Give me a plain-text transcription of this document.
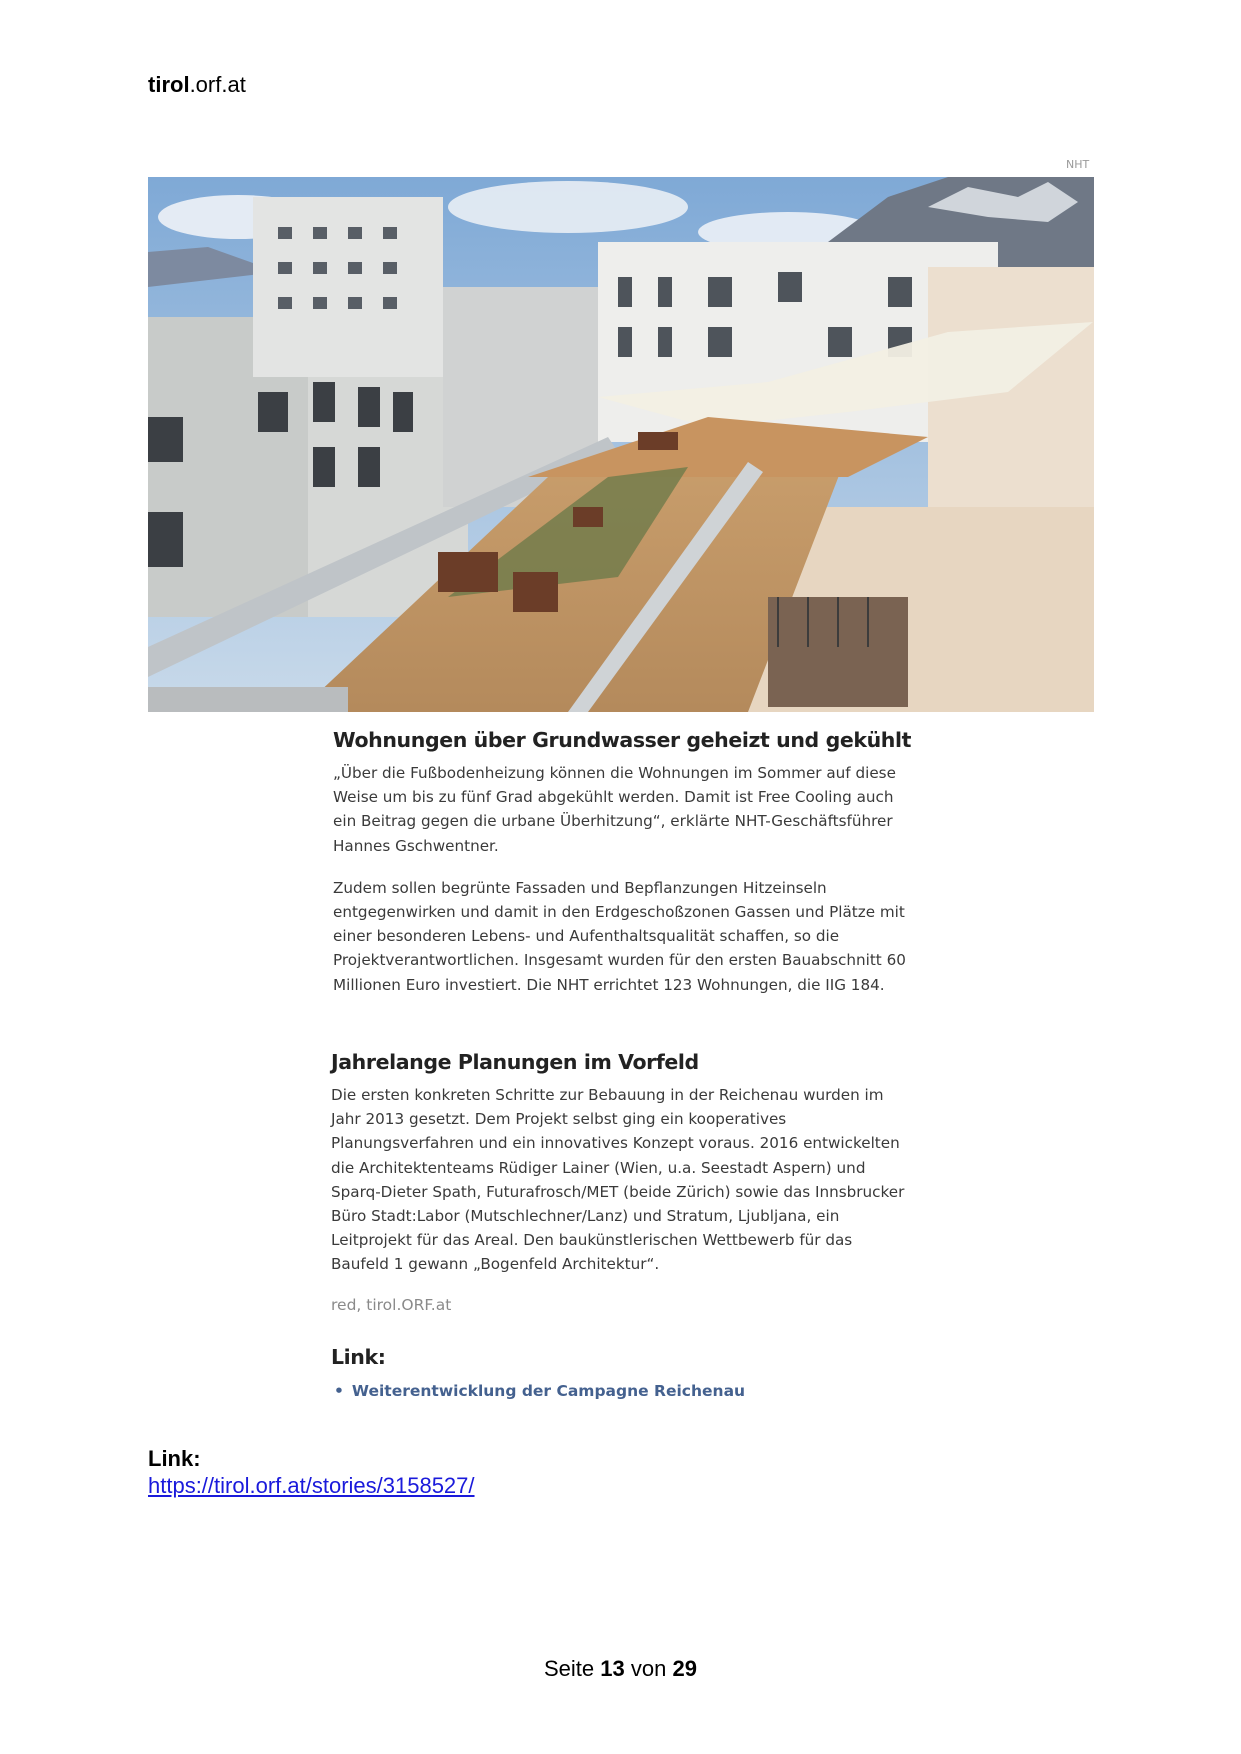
tirol.orf.at
NHT
Wohnungen über Grundwasser geheizt und gekühlt

„Über die Fußbodenheizung können die Wohnungen im Sommer auf diese Weise um bis zu fünf Grad abgekühlt werden. Damit ist Free Cooling auch ein Beitrag gegen die urbane Überhitzung“, erklärte NHT-Geschäftsführer Hannes Gschwentner.

Zudem sollen begrünte Fassaden und Bepflanzungen Hitzeinseln entgegenwirken und damit in den Erdgeschoßzonen Gassen und Plätze mit einer besonderen Lebens- und Aufenthaltsqualität schaffen, so die Projektverantwortlichen. Insgesamt wurden für den ersten Bauabschnitt 60 Millionen Euro investiert. Die NHT errichtet 123 Wohnungen, die IIG 184.

Jahrelange Planungen im Vorfeld

Die ersten konkreten Schritte zur Bebauung in der Reichenau wurden im Jahr 2013 gesetzt. Dem Projekt selbst ging ein kooperatives Planungsverfahren und ein innovatives Konzept voraus. 2016 entwickelten die Architektenteams Rüdiger Lainer (Wien, u.a. Seestadt Aspern) und Sparq-Dieter Spath, Futurafrosch/MET (beide Zürich) sowie das Innsbrucker Büro Stadt:Labor (Mutschlechner/Lanz) und Stratum, Ljubljana, ein Leitprojekt für das Areal. Den baukünstlerischen Wettbewerb für das Baufeld 1 gewann „Bogenfeld Architektur“.

red, tirol.ORF.at
Link:
• Weiterentwicklung der Campagne Reichenau
Link:
https://tirol.orf.at/stories/3158527/
Seite 13 von 29
